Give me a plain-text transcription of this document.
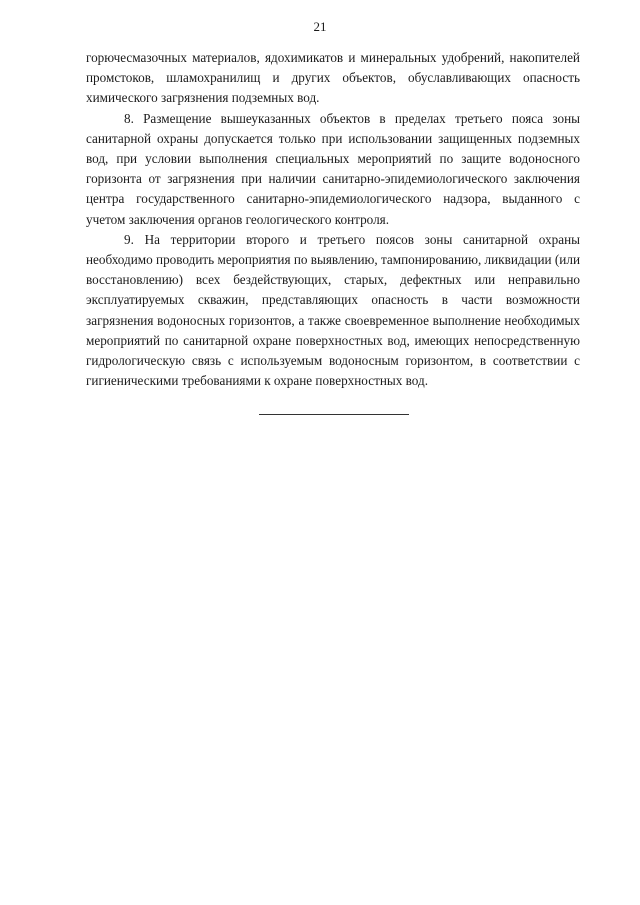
21

горючесмазочных материалов, ядохимикатов и минеральных удобрений, накопителей промстоков, шламохранилищ и других объектов, обуславливающих опасность химического загрязнения подземных вод.

8. Размещение вышеуказанных объектов в пределах третьего пояса зоны санитарной охраны допускается только при использовании защищенных подземных вод, при условии выполнения специальных мероприятий по защите водоносного горизонта от загрязнения при наличии санитарно-эпидемиологического заключения центра государственного санитарно-эпидемиологического надзора, выданного с учетом заключения органов геологического контроля.

9. На территории второго и третьего поясов зоны санитарной охраны необходимо проводить мероприятия по выявлению, тампонированию, ликвидации (или восстановлению) всех бездействующих, старых, дефектных или неправильно эксплуатируемых скважин, представляющих опасность в части возможности загрязнения водоносных горизонтов, а также своевременное выполнение необходимых мероприятий по санитарной охране поверхностных вод, имеющих непосредственную гидрологическую связь с используемым водоносным горизонтом, в соответствии с гигиеническими требованиями к охране поверхностных вод.
